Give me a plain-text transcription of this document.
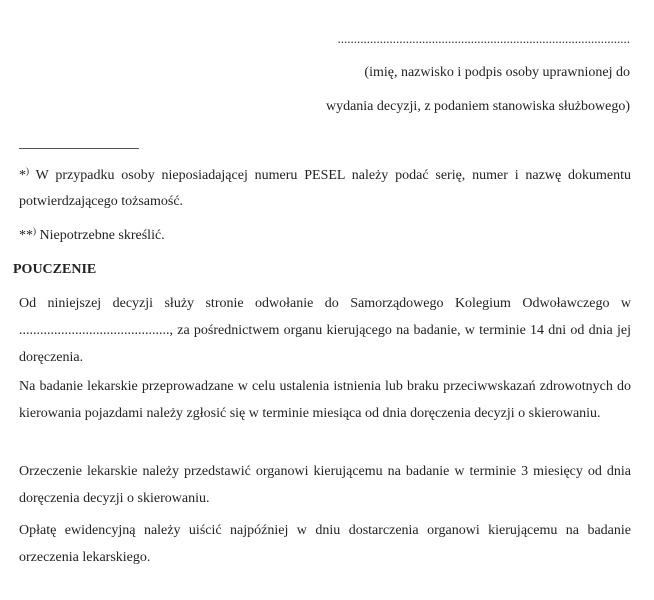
..........................................................................................
(imię, nazwisko i podpis osoby uprawnionej do
wydania decyzji, z podaniem stanowiska służbowego)
*) W przypadku osoby nieposiadającej numeru PESEL należy podać serię, numer i nazwę dokumentu potwierdzającego tożsamość.
**) Niepotrzebne skreślić.
POUCZENIE
Od niniejszej decyzji służy stronie odwołanie do Samorządowego Kolegium Odwoławczego w ..........................................., za pośrednictwem organu kierującego na badanie, w terminie 14 dni od dnia jej doręczenia.
Na badanie lekarskie przeprowadzane w celu ustalenia istnienia lub braku przeciwwskazań zdrowotnych do kierowania pojazdami należy zgłosić się w terminie miesiąca od dnia doręczenia decyzji o skierowaniu.
Orzeczenie lekarskie należy przedstawić organowi kierującemu na badanie w terminie 3 miesięcy od dnia doręczenia decyzji o skierowaniu.
Opłatę ewidencyjną należy uiścić najpóźniej w dniu dostarczenia organowi kierującemu na badanie orzeczenia lekarskiego.
